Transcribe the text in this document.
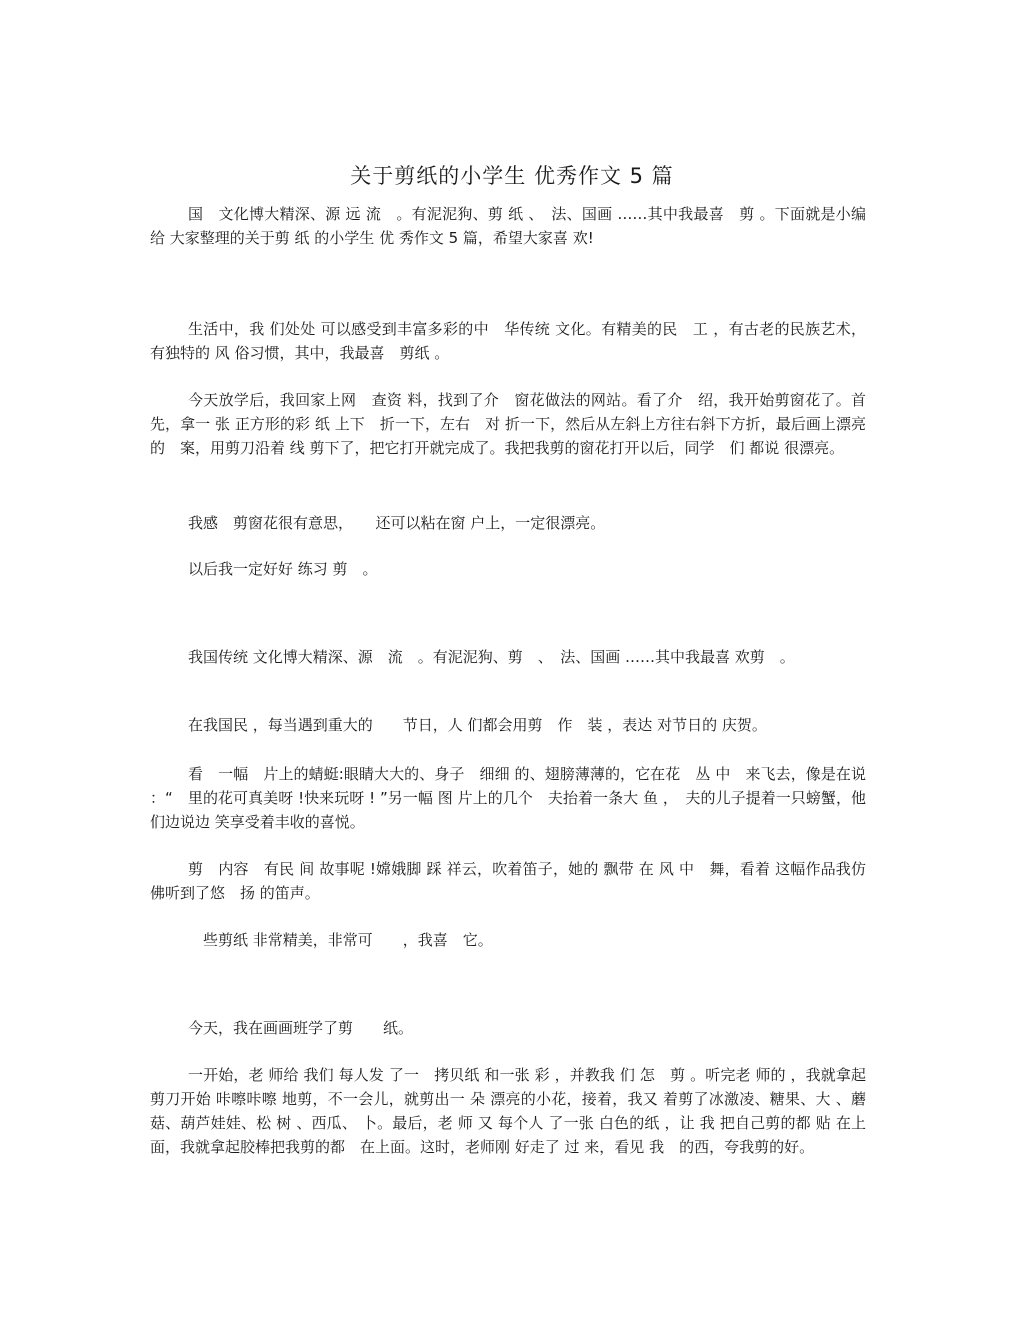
关于剪纸的小学生 优秀作文 5 篇
国　文化博大精深、源 远 流　。有泥泥狗、剪 纸 、　法、国画 ……其中我最喜　剪 。下面就是小编给 大家整理的关于剪 纸 的小学生 优 秀作文 5 篇，希望大家喜 欢!
生活中，我 们处处 可以感受到丰富多彩的中　华传统 文化。有精美的民　工 ，有古老的民族艺术，有独特的 风 俗习惯，其中，我最喜　剪纸 。
今天放学后，我回家上网　查资 料，找到了介　窗花做法的网站。看了介　绍，我开始剪窗花了。首先，拿一 张 正方形的彩 纸 上下　折一下，左右　对 折一下，然后从左斜上方往右斜下方折，最后画上漂亮的　案，用剪刀沿着 线 剪下了，把它打开就完成了。我把我剪的窗花打开以后，同学　们 都说 很漂亮。
我感　剪窗花很有意思，　　还可以粘在窗 户上，一定很漂亮。
以后我一定好好 练习 剪　。
我国传统 文化博大精深、源　流　。有泥泥狗、剪　、　法、国画 ……其中我最喜 欢剪　。
在我国民 ，每当遇到重大的　　节日，人 们都会用剪　作　装 ，表达 对节日的 庆贺。
看　一幅　片上的蜻蜓:眼睛大大的、身子　细细 的、翅膀薄薄的，它在花　丛 中　来飞去，像是在说 ：“　里的花可真美呀 !快来玩呀 ! ”另一幅 图 片上的几个　夫抬着一条大 鱼 ，　夫的儿子提着一只螃蟹，他 们边说边 笑享受着丰收的喜悦。
剪　内容　有民 间 故事呢 !嫦娥脚 踩 祥云，吹着笛子，她的 飘带 在 风 中　舞，看着 这幅作品我仿佛听到了悠　扬 的笛声。
　些剪纸 非常精美，非常可　　，我喜　它。
今天，我在画画班学了剪　　纸。
一开始，老 师给 我们 每人发 了一　拷贝纸 和一张 彩 ，并教我 们 怎　剪 。听完老 师的 ，我就拿起剪刀开始 咔嚓咔嚓 地剪，不一会儿，就剪出一 朵 漂亮的小花，接着，我又 着剪了冰激凌、糖果、大 、蘑菇、葫芦娃娃、松 树 、西瓜、 卜。最后，老 师 又 每个人 了一张 白色的纸 ，让 我 把自己剪的都 贴 在上面，我就拿起胶棒把我剪的都　在上面。这时，老师刚 好走了 过 来，看见 我　的西，夸我剪的好。
